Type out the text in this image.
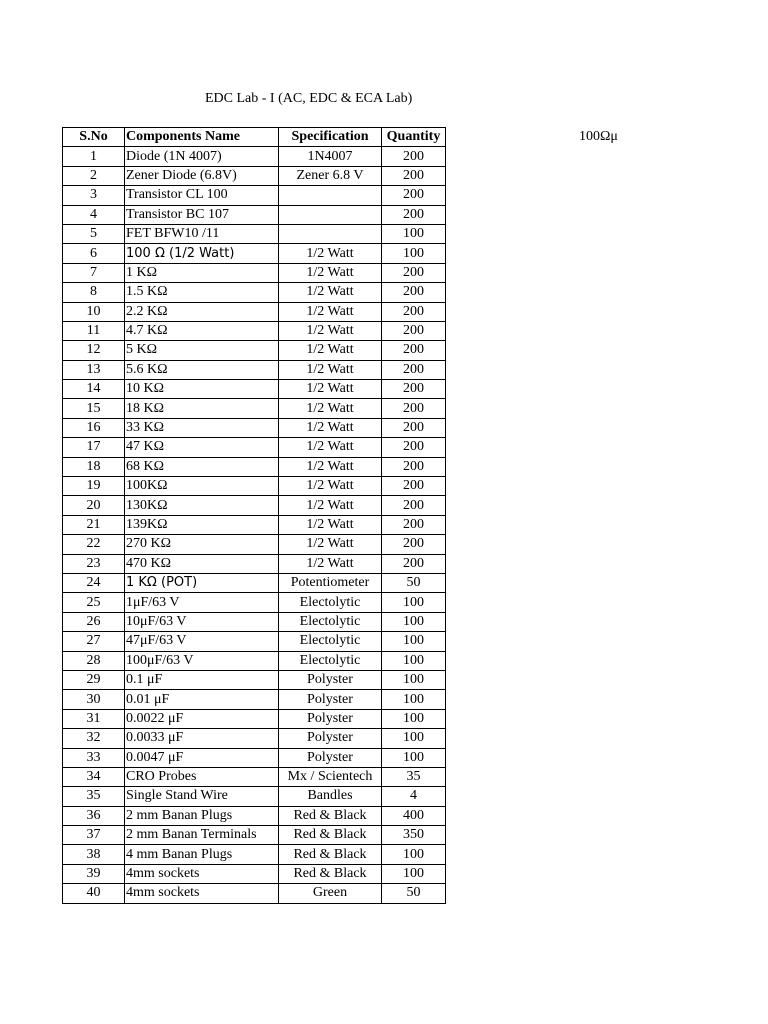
EDC Lab - I (AC, EDC & ECA Lab)
100Ωμ
S.No	Components Name	Specification	Quantity
1	Diode (1N 4007)	1N4007	200
2	Zener Diode (6.8V)	Zener 6.8 V	200
3	Transistor CL 100		200
4	Transistor BC 107		200
5	FET BFW10 /11		100
6	100 Ω (1/2 Watt)	1/2 Watt	100
7	1 KΩ	1/2 Watt	200
8	1.5 KΩ	1/2 Watt	200
10	2.2 KΩ	1/2 Watt	200
11	4.7 KΩ	1/2 Watt	200
12	5 KΩ	1/2 Watt	200
13	5.6 KΩ	1/2 Watt	200
14	10 KΩ	1/2 Watt	200
15	18 KΩ	1/2 Watt	200
16	33 KΩ	1/2 Watt	200
17	47 KΩ	1/2 Watt	200
18	68 KΩ	1/2 Watt	200
19	100KΩ	1/2 Watt	200
20	130KΩ	1/2 Watt	200
21	139KΩ	1/2 Watt	200
22	270 KΩ	1/2 Watt	200
23	470 KΩ	1/2 Watt	200
24	1 KΩ (POT)	Potentiometer	50
25	1μF/63 V	Electolytic	100
26	10μF/63 V	Electolytic	100
27	47μF/63 V	Electolytic	100
28	100μF/63 V	Electolytic	100
29	0.1 μF	Polyster	100
30	0.01 μF	Polyster	100
31	0.0022 μF	Polyster	100
32	0.0033 μF	Polyster	100
33	0.0047 μF	Polyster	100
34	CRO Probes	Mx / Scientech	35
35	Single Stand Wire	Bandles	4
36	2 mm Banan Plugs	Red & Black	400
37	2 mm Banan Terminals	Red & Black	350
38	4 mm Banan Plugs	Red & Black	100
39	4mm sockets	Red & Black	100
40	4mm sockets	Green	50
